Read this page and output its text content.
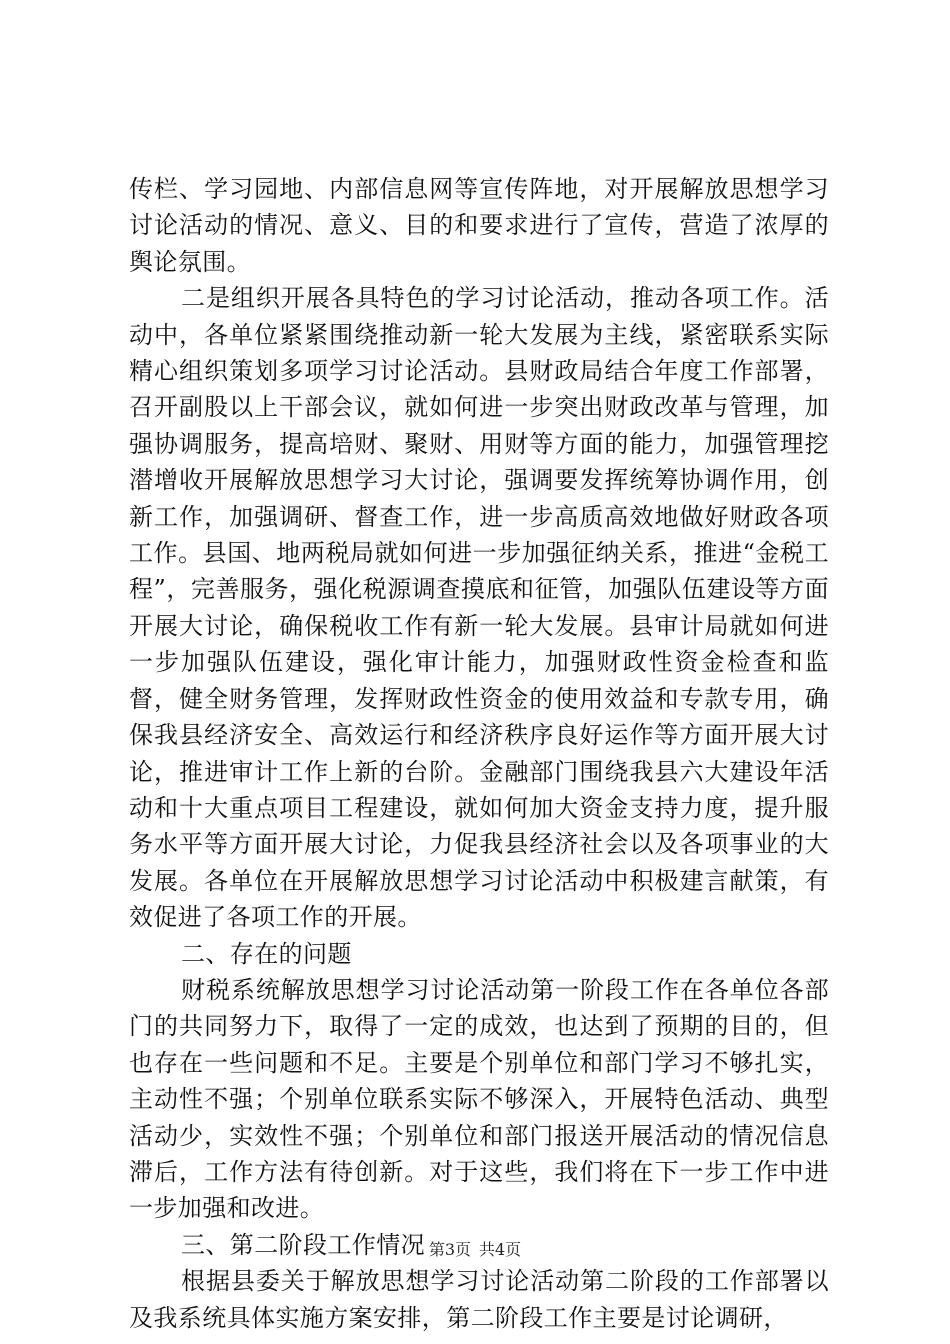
传栏、学习园地、内部信息网等宣传阵地，对开展解放思想学习讨论活动的情况、意义、目的和要求进行了宣传，营造了浓厚的舆论氛围。

二是组织开展各具特色的学习讨论活动，推动各项工作。活动中，各单位紧紧围绕推动新一轮大发展为主线，紧密联系实际精心组织策划多项学习讨论活动。县财政局结合年度工作部署，召开副股以上干部会议，就如何进一步突出财政改革与管理，加强协调服务，提高培财、聚财、用财等方面的能力，加强管理挖潜增收开展解放思想学习大讨论，强调要发挥统筹协调作用，创新工作，加强调研、督查工作，进一步高质高效地做好财政各项工作。县国、地两税局就如何进一步加强征纳关系，推进“金税工程”，完善服务，强化税源调查摸底和征管，加强队伍建设等方面开展大讨论，确保税收工作有新一轮大发展。县审计局就如何进一步加强队伍建设，强化审计能力，加强财政性资金检查和监督，健全财务管理，发挥财政性资金的使用效益和专款专用，确保我县经济安全、高效运行和经济秩序良好运作等方面开展大讨论，推进审计工作上新的台阶。金融部门围绕我县六大建设年活动和十大重点项目工程建设，就如何加大资金支持力度，提升服务水平等方面开展大讨论，力促我县经济社会以及各项事业的大发展。各单位在开展解放思想学习讨论活动中积极建言献策，有效促进了各项工作的开展。

二、存在的问题

财税系统解放思想学习讨论活动第一阶段工作在各单位各部门的共同努力下，取得了一定的成效，也达到了预期的目的，但也存在一些问题和不足。主要是个别单位和部门学习不够扎实，主动性不强；个别单位联系实际不够深入，开展特色活动、典型活动少，实效性不强；个别单位和部门报送开展活动的情况信息滞后，工作方法有待创新。对于这些，我们将在下一步工作中进一步加强和改进。

三、第二阶段工作情况

根据县委关于解放思想学习讨论活动第二阶段的工作部署以及我系统具体实施方案安排，第二阶段工作主要是讨论调研，

第3页 共4页
